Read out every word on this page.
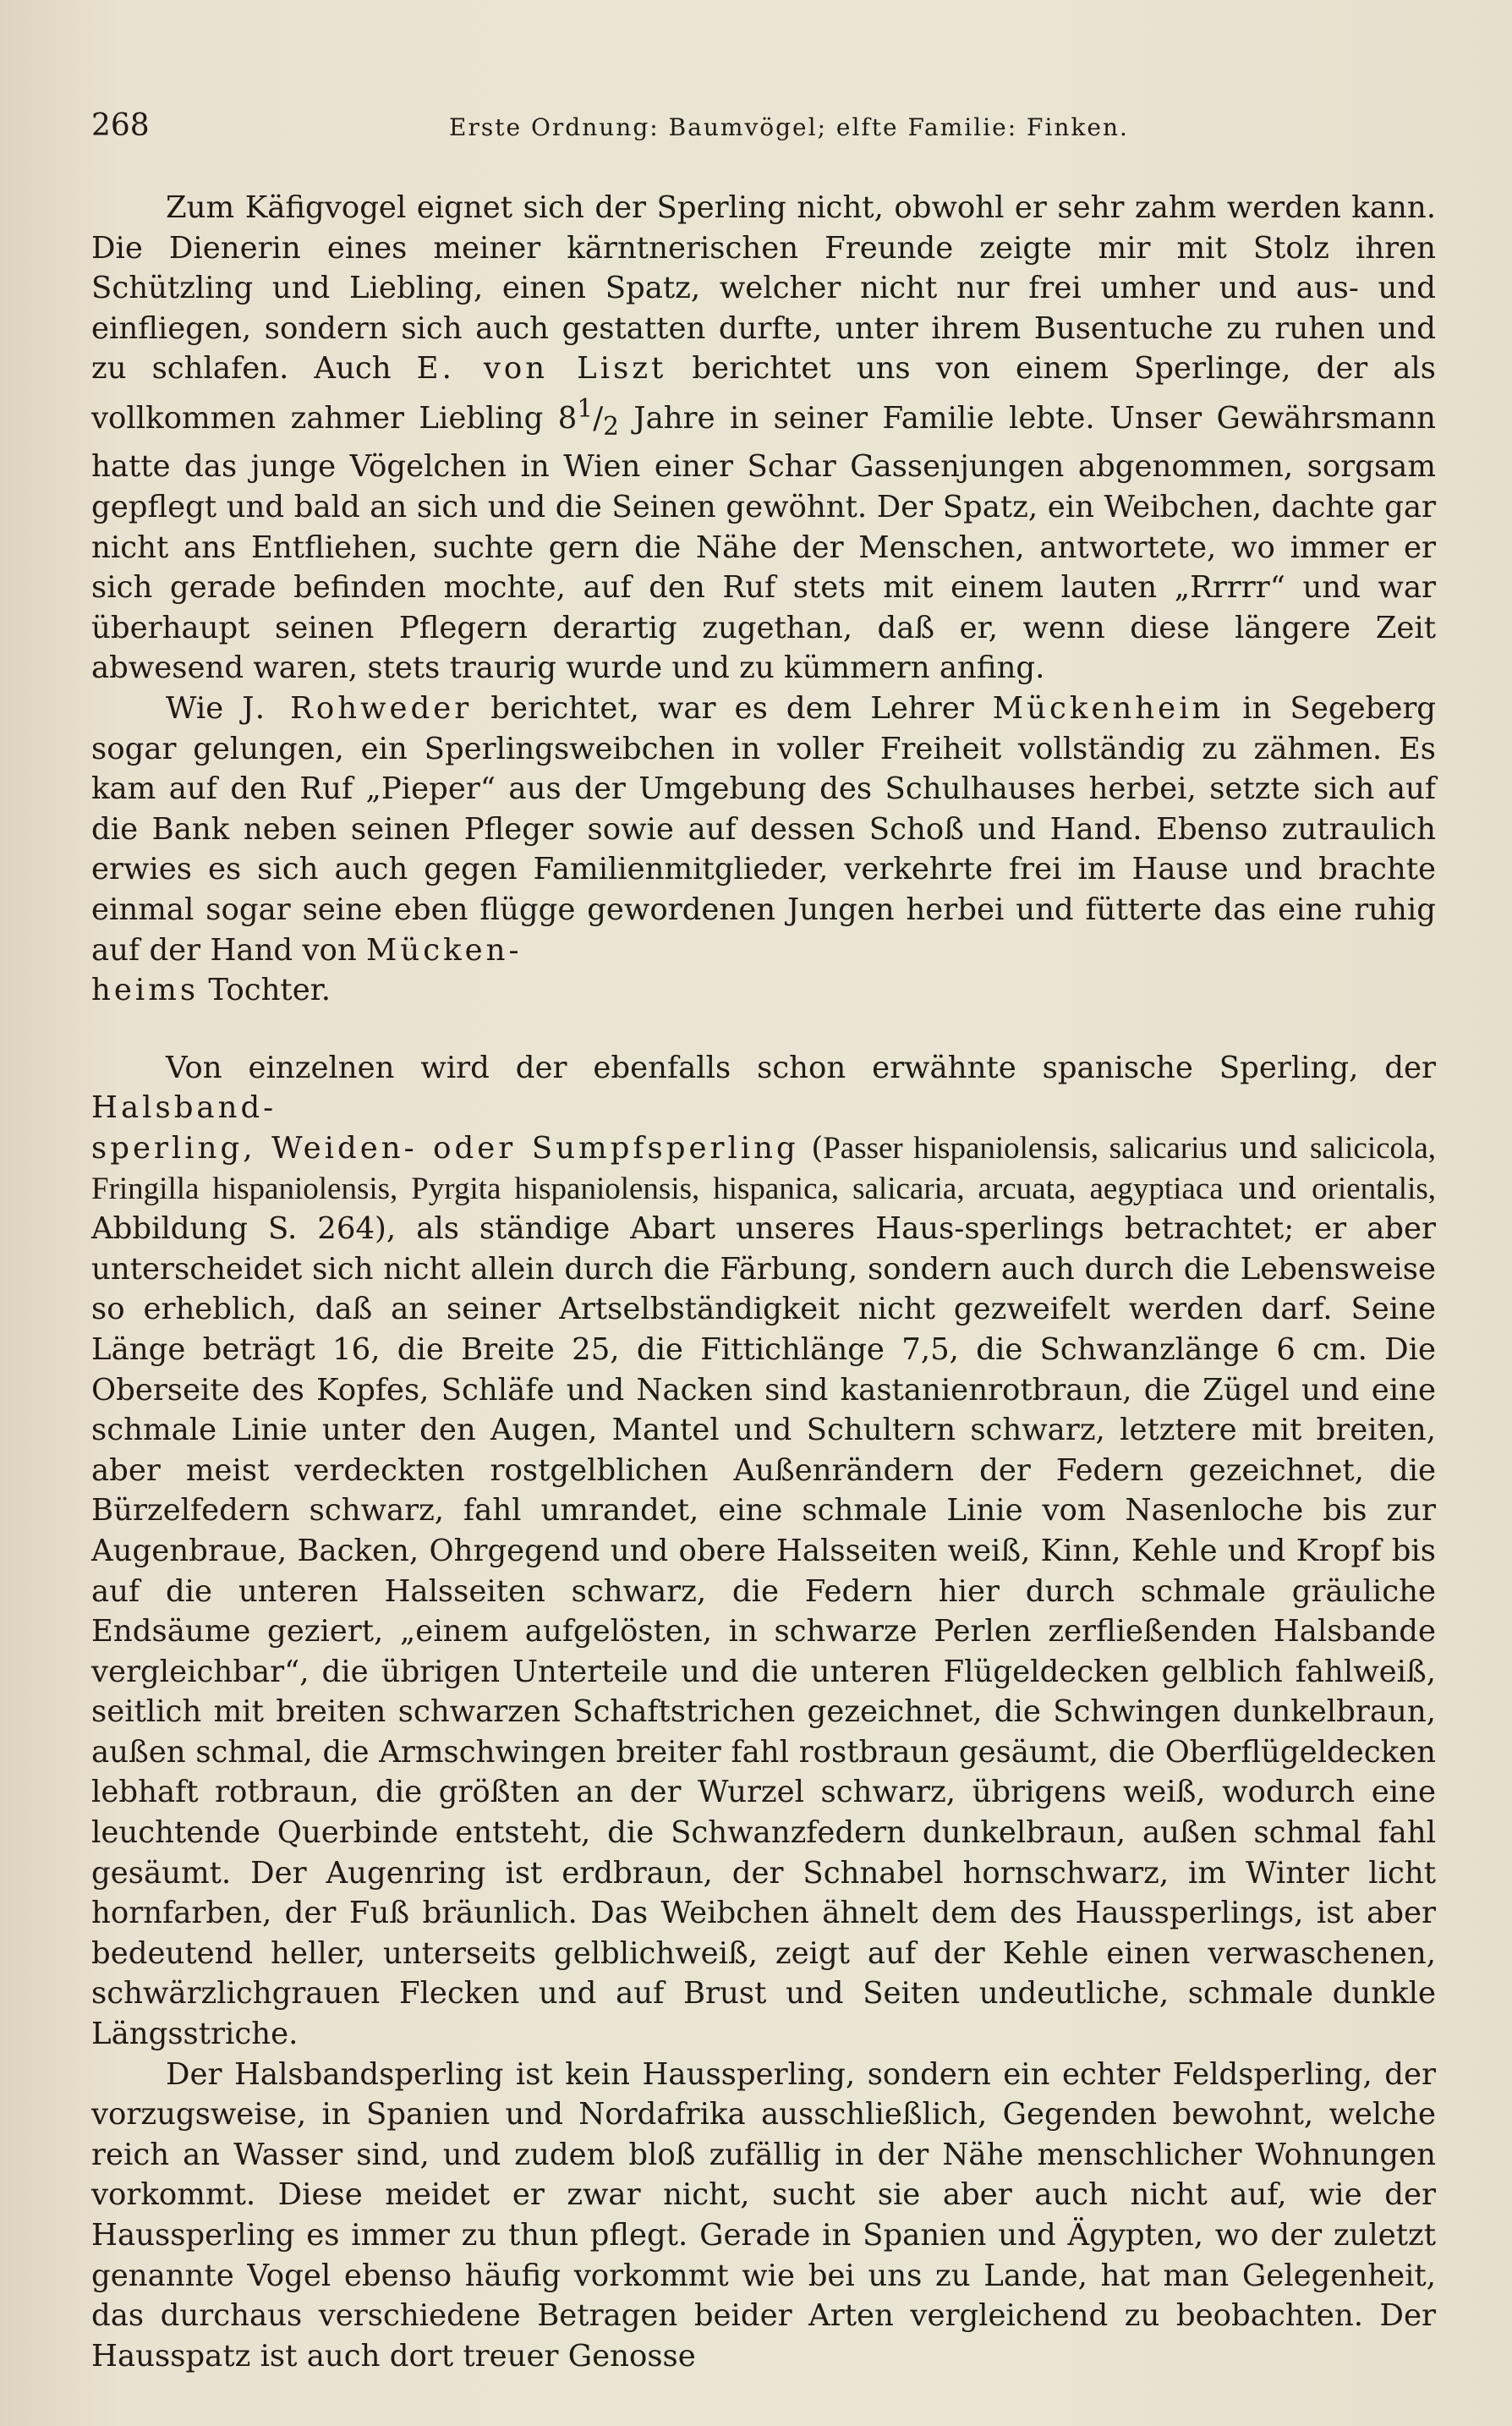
268	Erste Ordnung: Baumvögel; elfte Familie: Finken.

Zum Käfigvogel eignet sich der Sperling nicht, obwohl er sehr zahm werden kann. Die Dienerin eines meiner kärntnerischen Freunde zeigte mir mit Stolz ihren Schützling und Liebling, einen Spatz, welcher nicht nur frei umher und aus- und einfliegen, sondern sich auch gestatten durfte, unter ihrem Busentuche zu ruhen und zu schlafen. Auch E. von Liszt berichtet uns von einem Sperlinge, der als vollkommen zahmer Liebling $8^1/_2$ Jahre in seiner Familie lebte. Unser Gewährsmann hatte das junge Vögelchen in Wien einer Schar Gassenjungen abgenommen, sorgsam gepflegt und bald an sich und die Seinen gewöhnt. Der Spatz, ein Weibchen, dachte gar nicht ans Entfliehen, suchte gern die Nähe der Menschen, antwortete, wo immer er sich gerade befinden mochte, auf den Ruf stets mit einem lauten „Rrrrr“ und war überhaupt seinen Pflegern derartig zugethan, daß er, wenn diese längere Zeit abwesend waren, stets traurig wurde und zu kümmern anfing.

Wie J. Rohweder berichtet, war es dem Lehrer Mückenheim in Segeberg sogar gelungen, ein Sperlingsweibchen in voller Freiheit vollständig zu zähmen. Es kam auf den Ruf „Pieper“ aus der Umgebung des Schulhauses herbei, setzte sich auf die Bank neben seinen Pfleger sowie auf dessen Schoß und Hand. Ebenso zutraulich erwies es sich auch gegen Familienmitglieder, verkehrte frei im Hause und brachte einmal sogar seine eben flügge gewordenen Jungen herbei und fütterte das eine ruhig auf der Hand von Mücken-
heims Tochter.

Von einzelnen wird der ebenfalls schon erwähnte spanische Sperling, der Halsband-
sperling, Weiden- oder Sumpfsperling (Passer hispaniolensis, salicarius und salicicola, Fringilla hispaniolensis, Pyrgita hispaniolensis, hispanica, salicaria, arcuata, aegyptiaca und orientalis, Abbildung S. 264), als ständige Abart unseres Haus-sperlings betrachtet; er aber unterscheidet sich nicht allein durch die Färbung, sondern auch durch die Lebensweise so erheblich, daß an seiner Artselbständigkeit nicht gezweifelt werden darf. Seine Länge beträgt 16, die Breite 25, die Fittichlänge 7,5, die Schwanzlänge 6 cm. Die Oberseite des Kopfes, Schläfe und Nacken sind kastanienrotbraun, die Zügel und eine schmale Linie unter den Augen, Mantel und Schultern schwarz, letztere mit breiten, aber meist verdeckten rostgelblichen Außenrändern der Federn gezeichnet, die Bürzelfedern schwarz, fahl umrandet, eine schmale Linie vom Nasenloche bis zur Augenbraue, Backen, Ohrgegend und obere Halsseiten weiß, Kinn, Kehle und Kropf bis auf die unteren Halsseiten schwarz, die Federn hier durch schmale gräuliche Endsäume geziert, „einem aufgelösten, in schwarze Perlen zerfließenden Halsbande vergleichbar“, die übrigen Unterteile und die unteren Flügeldecken gelblich fahlweiß, seitlich mit breiten schwarzen Schaftstrichen gezeichnet, die Schwingen dunkelbraun, außen schmal, die Armschwingen breiter fahl rostbraun gesäumt, die Oberflügeldecken lebhaft rotbraun, die größten an der Wurzel schwarz, übrigens weiß, wodurch eine leuchtende Querbinde entsteht, die Schwanzfedern dunkelbraun, außen schmal fahl gesäumt. Der Augenring ist erdbraun, der Schnabel hornschwarz, im Winter licht hornfarben, der Fuß bräunlich. Das Weibchen ähnelt dem des Haussperlings, ist aber bedeutend heller, unterseits gelblichweiß, zeigt auf der Kehle einen verwaschenen, schwärzlichgrauen Flecken und auf Brust und Seiten undeutliche, schmale dunkle Längsstriche.

Der Halsbandsperling ist kein Haussperling, sondern ein echter Feldsperling, der vorzugsweise, in Spanien und Nordafrika ausschließlich, Gegenden bewohnt, welche reich an Wasser sind, und zudem bloß zufällig in der Nähe menschlicher Wohnungen vorkommt. Diese meidet er zwar nicht, sucht sie aber auch nicht auf, wie der Haussperling es immer zu thun pflegt. Gerade in Spanien und Ägypten, wo der zuletzt genannte Vogel ebenso häufig vorkommt wie bei uns zu Lande, hat man Gelegenheit, das durchaus verschiedene Betragen beider Arten vergleichend zu beobachten. Der Hausspatz ist auch dort treuer Genosse
